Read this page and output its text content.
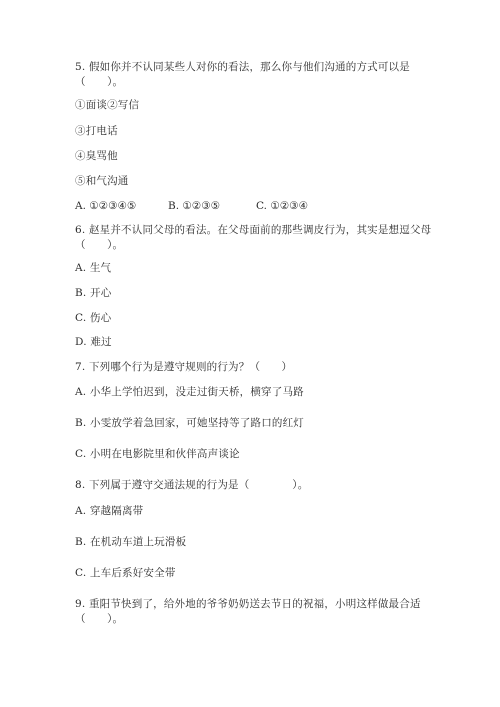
5. 假如你并不认同某些人对你的看法，那么你与他们沟通的方式可以是
（　　）。
①面谈②写信
③打电话
④臭骂他
⑤和气沟通
A. ①②③④⑤	B. ①②③⑤	C. ①②③④
6. 赵星并不认同父母的看法。在父母面前的那些调皮行为，其实是想逗父母
（　　）。
A. 生气
B. 开心
C. 伤心
D. 难过
7. 下列哪个行为是遵守规则的行为？（　　）
A. 小华上学怕迟到，没走过街天桥，横穿了马路
B. 小雯放学着急回家，可她坚持等了路口的红灯
C. 小明在电影院里和伙伴高声谈论
8. 下列属于遵守交通法规的行为是（　　　　）。
A. 穿越隔离带
B. 在机动车道上玩滑板
C. 上车后系好安全带
9. 重阳节快到了，给外地的爷爷奶奶送去节日的祝福，小明这样做最合适
（　　）。
